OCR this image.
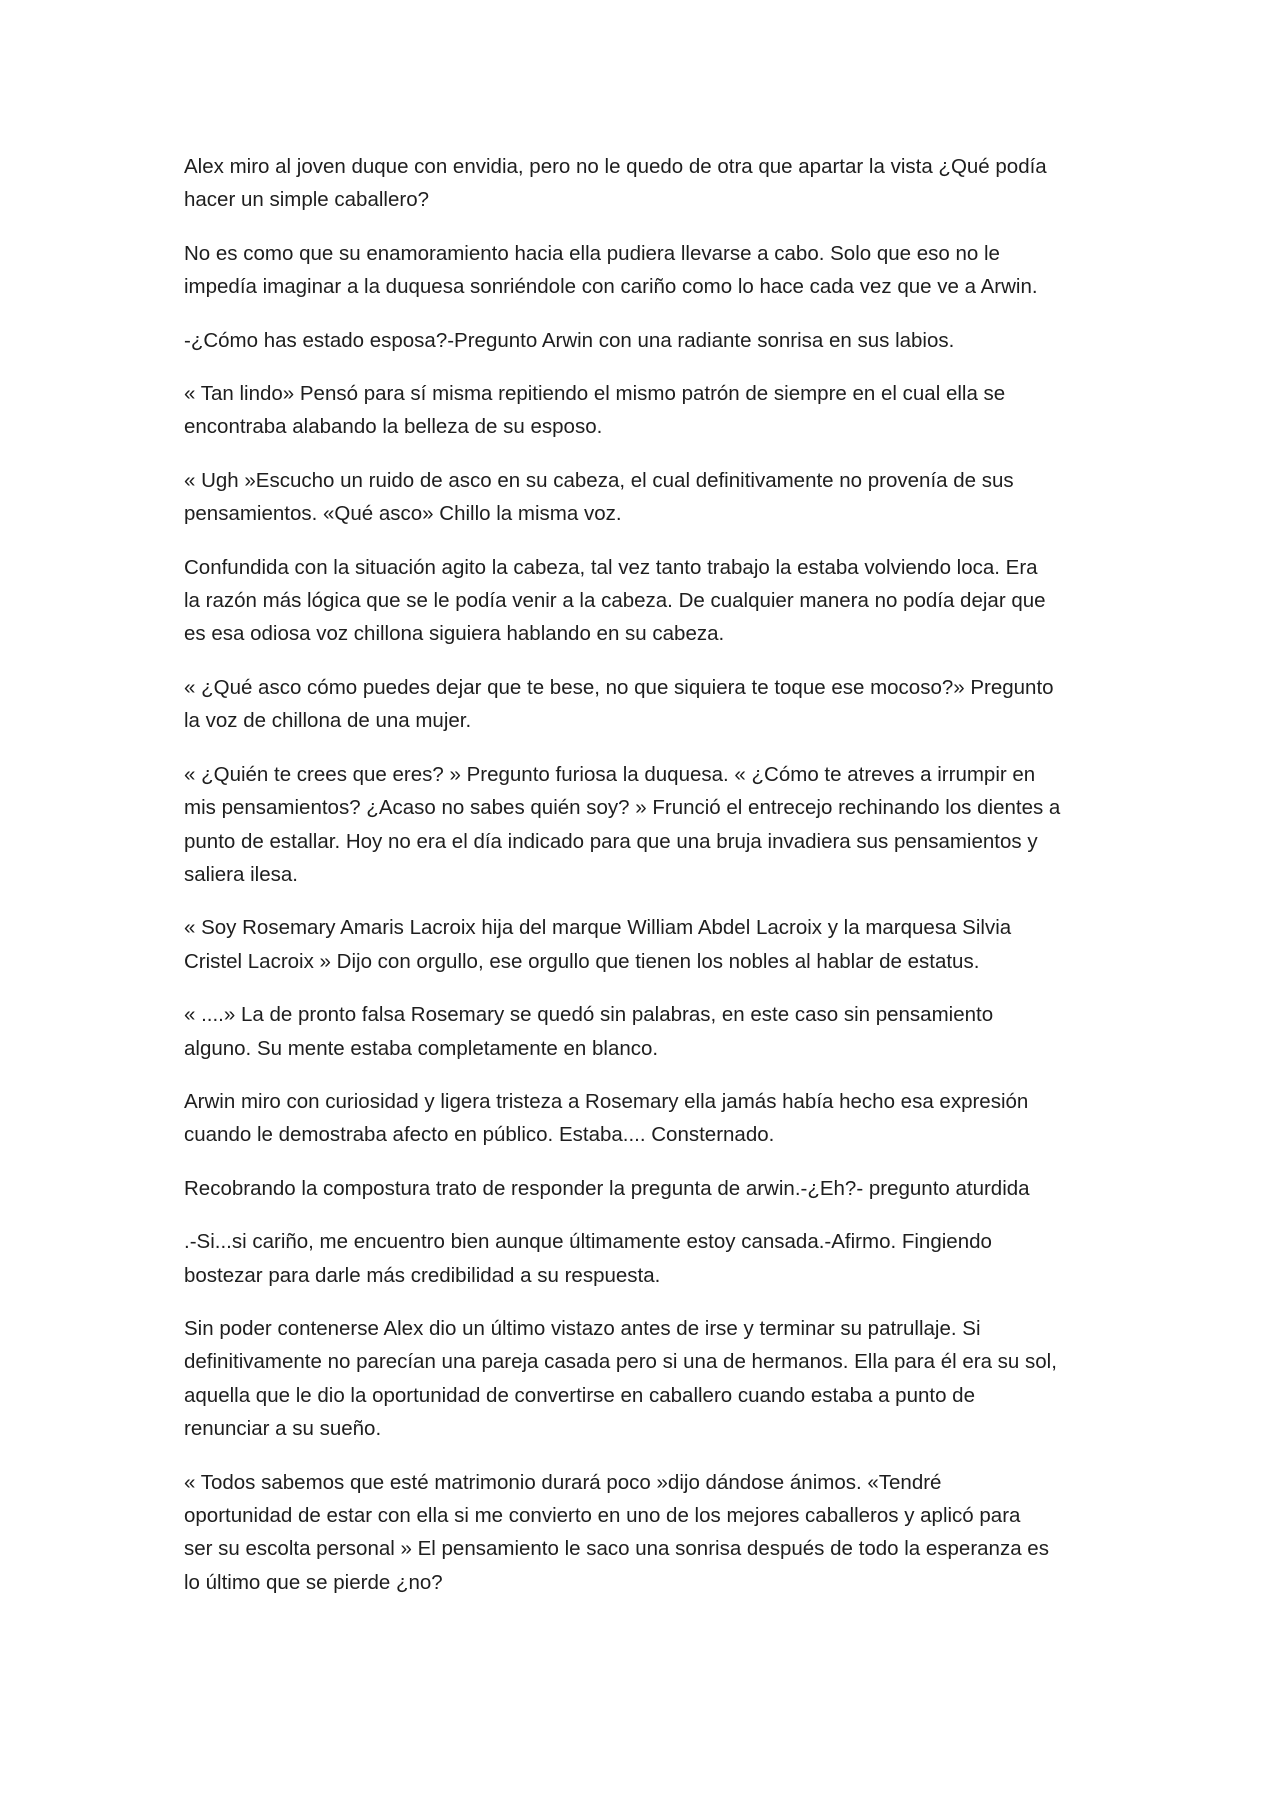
Alex miro al joven duque con envidia, pero no le quedo de otra que apartar la vista ¿Qué podía
hacer un simple caballero?

No es como que su enamoramiento hacia ella pudiera llevarse a cabo. Solo que eso no le
impedía imaginar a la duquesa sonriéndole con cariño como lo hace cada vez que ve a Arwin.

-¿Cómo has estado esposa?-Pregunto Arwin con una radiante sonrisa en sus labios.

« Tan lindo» Pensó para sí misma repitiendo el mismo patrón de siempre en el cual ella se
encontraba alabando la belleza de su esposo.

« Ugh »Escucho un ruido de asco en su cabeza, el cual definitivamente no provenía de sus
pensamientos. «Qué asco» Chillo la misma voz.

Confundida con la situación agito la cabeza, tal vez tanto trabajo la estaba volviendo loca. Era
la razón más lógica que se le podía venir a la cabeza. De cualquier manera no podía dejar que
es esa odiosa voz chillona siguiera hablando en su cabeza.

« ¿Qué asco cómo puedes dejar que te bese, no que siquiera te toque ese mocoso?» Pregunto
la voz de chillona de una mujer.

« ¿Quién te crees que eres? » Pregunto furiosa la duquesa. « ¿Cómo te atreves a irrumpir en
mis pensamientos? ¿Acaso no sabes quién soy? » Frunció el entrecejo rechinando los dientes a
punto de estallar. Hoy no era el día indicado para que una bruja invadiera sus pensamientos y
saliera ilesa.

« Soy Rosemary Amaris Lacroix hija del marque William Abdel Lacroix y la marquesa Silvia
Cristel Lacroix » Dijo con orgullo, ese orgullo que tienen los nobles al hablar de estatus.

« ....» La de pronto falsa Rosemary se quedó sin palabras, en este caso sin pensamiento
alguno. Su mente estaba completamente en blanco.

Arwin miro con curiosidad y ligera tristeza a Rosemary ella jamás había hecho esa expresión
cuando le demostraba afecto en público. Estaba.... Consternado.

Recobrando la compostura trato de responder la pregunta de arwin.-¿Eh?- pregunto aturdida

.-Si...si cariño, me encuentro bien aunque últimamente estoy cansada.-Afirmo. Fingiendo
bostezar para darle más credibilidad a su respuesta.

Sin poder contenerse Alex dio un último vistazo antes de irse y terminar su patrullaje. Si
definitivamente no parecían una pareja casada pero si una de hermanos. Ella para él era su sol,
aquella que le dio la oportunidad de convertirse en caballero cuando estaba a punto de
renunciar a su sueño.

« Todos sabemos que esté matrimonio durará poco »dijo dándose ánimos. «Tendré
oportunidad de estar con ella si me convierto en uno de los mejores caballeros y aplicó para
ser su escolta personal » El pensamiento le saco una sonrisa después de todo la esperanza es
lo último que se pierde ¿no?
